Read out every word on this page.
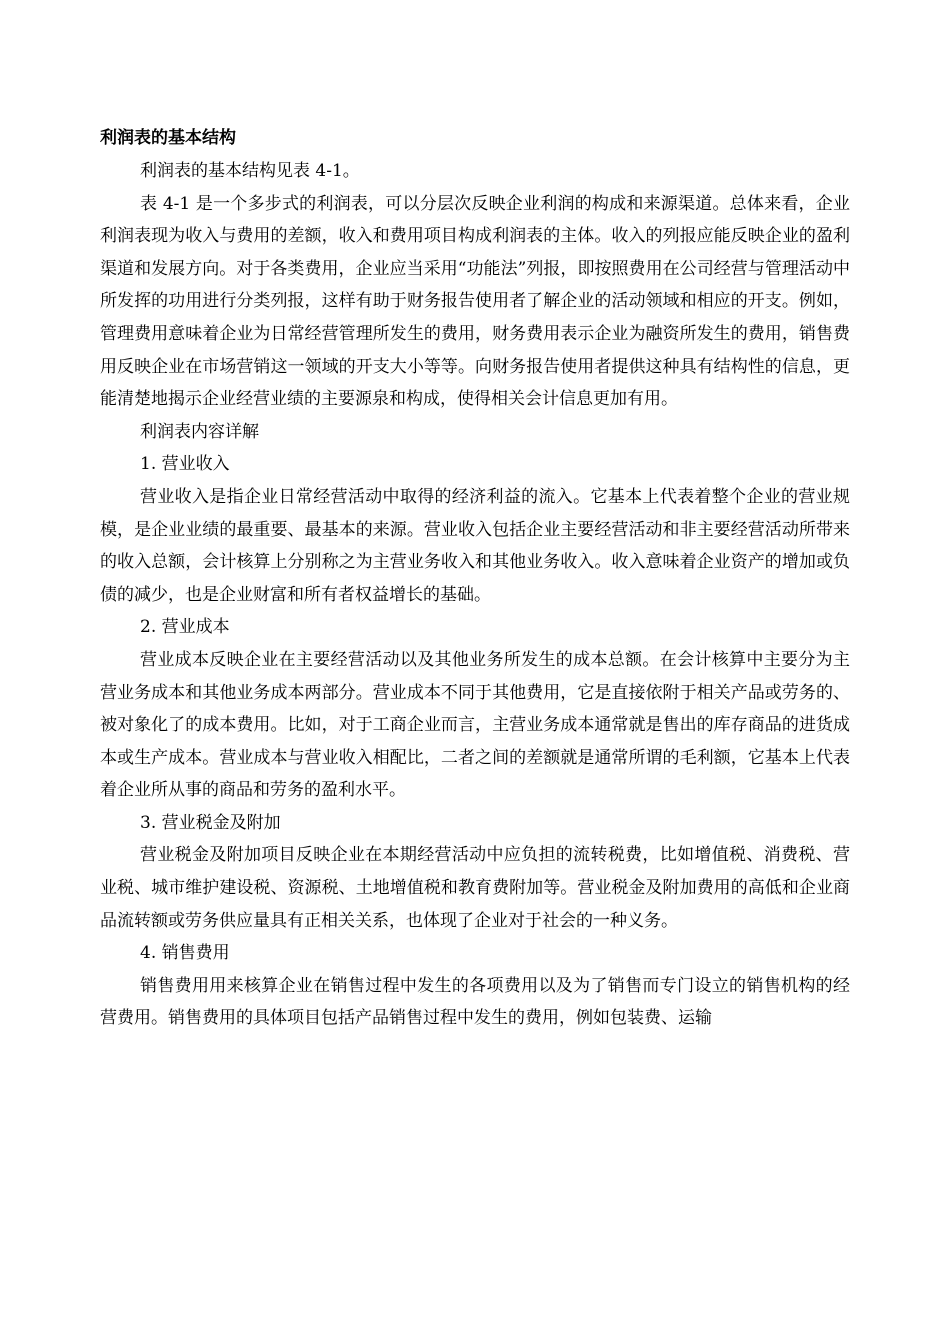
利润表的基本结构

利润表的基本结构见表 4-1。

表 4-1 是一个多步式的利润表，可以分层次反映企业利润的构成和来源渠道。总体来看，企业利润表现为收入与费用的差额，收入和费用项目构成利润表的主体。收入的列报应能反映企业的盈利渠道和发展方向。对于各类费用，企业应当采用“功能法”列报，即按照费用在公司经营与管理活动中所发挥的功用进行分类列报，这样有助于财务报告使用者了解企业的活动领域和相应的开支。例如，管理费用意味着企业为日常经营管理所发生的费用，财务费用表示企业为融资所发生的费用，销售费用反映企业在市场营销这一领域的开支大小等等。向财务报告使用者提供这种具有结构性的信息，更能清楚地揭示企业经营业绩的主要源泉和构成，使得相关会计信息更加有用。

利润表内容详解

1. 营业收入

营业收入是指企业日常经营活动中取得的经济利益的流入。它基本上代表着整个企业的营业规模，是企业业绩的最重要、最基本的来源。营业收入包括企业主要经营活动和非主要经营活动所带来的收入总额，会计核算上分别称之为主营业务收入和其他业务收入。收入意味着企业资产的增加或负债的减少，也是企业财富和所有者权益增长的基础。

2. 营业成本

营业成本反映企业在主要经营活动以及其他业务所发生的成本总额。在会计核算中主要分为主营业务成本和其他业务成本两部分。营业成本不同于其他费用，它是直接依附于相关产品或劳务的、被对象化了的成本费用。比如，对于工商企业而言，主营业务成本通常就是售出的库存商品的进货成本或生产成本。营业成本与营业收入相配比，二者之间的差额就是通常所谓的毛利额，它基本上代表着企业所从事的商品和劳务的盈利水平。

3. 营业税金及附加

营业税金及附加项目反映企业在本期经营活动中应负担的流转税费，比如增值税、消费税、营业税、城市维护建设税、资源税、土地增值税和教育费附加等。营业税金及附加费用的高低和企业商品流转额或劳务供应量具有正相关关系，也体现了企业对于社会的一种义务。

4. 销售费用

销售费用用来核算企业在销售过程中发生的各项费用以及为了销售而专门设立的销售机构的经营费用。销售费用的具体项目包括产品销售过程中发生的费用，例如包装费、运输
